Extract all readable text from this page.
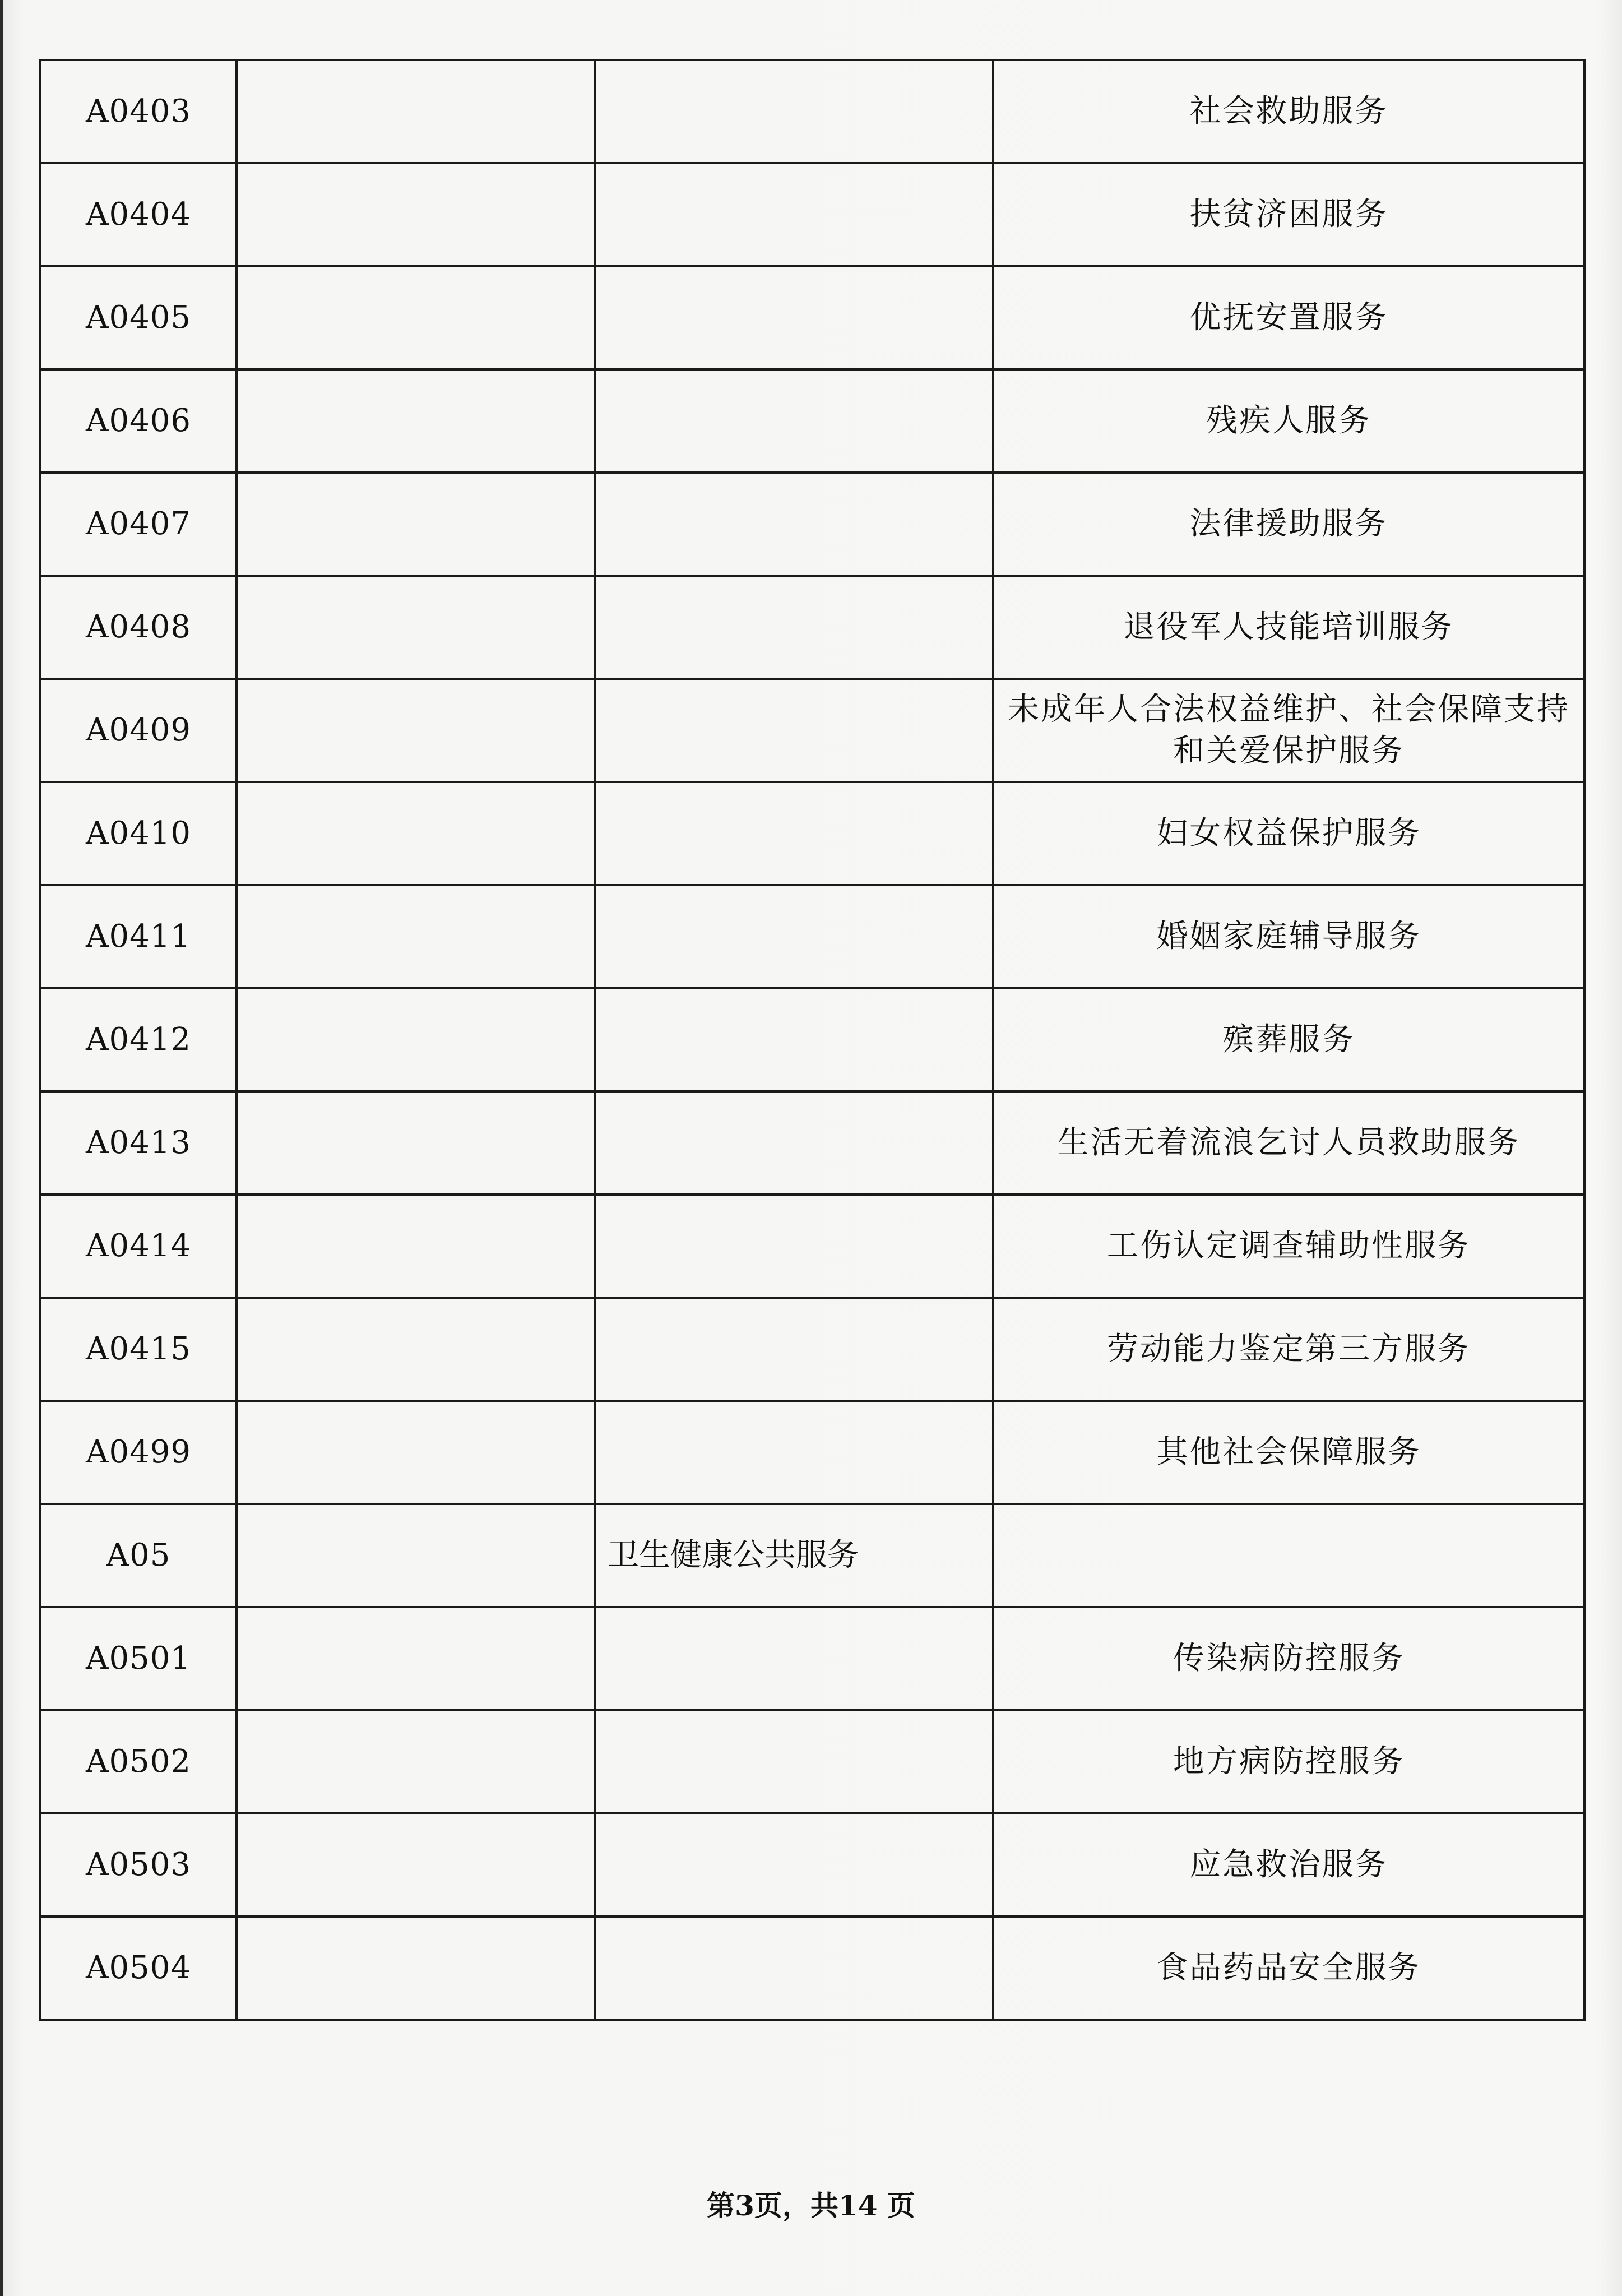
A0403			社会救助服务
A0404			扶贫济困服务
A0405			优抚安置服务
A0406			残疾人服务
A0407			法律援助服务
A0408			退役军人技能培训服务
A0409			未成年人合法权益维护、社会保障支持和关爱保护服务
A0410			妇女权益保护服务
A0411			婚姻家庭辅导服务
A0412			殡葬服务
A0413			生活无着流浪乞讨人员救助服务
A0414			工伤认定调查辅助性服务
A0415			劳动能力鉴定第三方服务
A0499			其他社会保障服务
A05		卫生健康公共服务	
A0501			传染病防控服务
A0502			地方病防控服务
A0503			应急救治服务
A0504			食品药品安全服务
第3页，共14 页
